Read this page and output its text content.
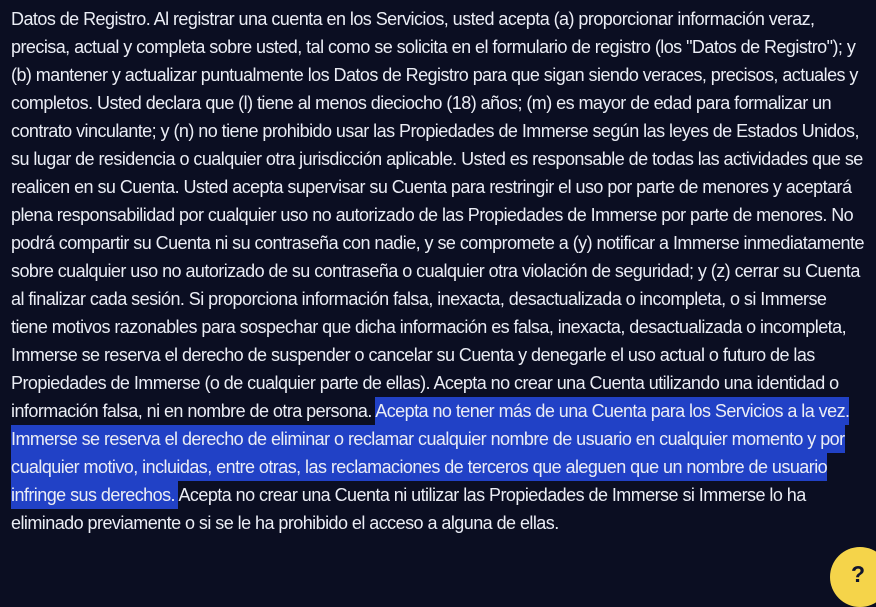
Datos de Registro. Al registrar una cuenta en los Servicios, usted acepta (a) proporcionar información veraz, precisa, actual y completa sobre usted, tal como se solicita en el formulario de registro (los "Datos de Registro"); y (b) mantener y actualizar puntualmente los Datos de Registro para que sigan siendo veraces, precisos, actuales y completos. Usted declara que (l) tiene al menos dieciocho (18) años; (m) es mayor de edad para formalizar un contrato vinculante; y (n) no tiene prohibido usar las Propiedades de Immerse según las leyes de Estados Unidos, su lugar de residencia o cualquier otra jurisdicción aplicable. Usted es responsable de todas las actividades que se realicen en su Cuenta. Usted acepta supervisar su Cuenta para restringir el uso por parte de menores y aceptará plena responsabilidad por cualquier uso no autorizado de las Propiedades de Immerse por parte de menores. No podrá compartir su Cuenta ni su contraseña con nadie, y se compromete a (y) notificar a Immerse inmediatamente sobre cualquier uso no autorizado de su contraseña o cualquier otra violación de seguridad; y (z) cerrar su Cuenta al finalizar cada sesión. Si proporciona información falsa, inexacta, desactualizada o incompleta, o si Immerse tiene motivos razonables para sospechar que dicha información es falsa, inexacta, desactualizada o incompleta, Immerse se reserva el derecho de suspender o cancelar su Cuenta y denegarle el uso actual o futuro de las Propiedades de Immerse (o de cualquier parte de ellas). Acepta no crear una Cuenta utilizando una identidad o información falsa, ni en nombre de otra persona. Acepta no tener más de una Cuenta para los Servicios a la vez. Immerse se reserva el derecho de eliminar o reclamar cualquier nombre de usuario en cualquier momento y por cualquier motivo, incluidas, entre otras, las reclamaciones de terceros que aleguen que un nombre de usuario infringe sus derechos. Acepta no crear una Cuenta ni utilizar las Propiedades de Immerse si Immerse lo ha eliminado previamente o si se le ha prohibido el acceso a alguna de ellas.
?
